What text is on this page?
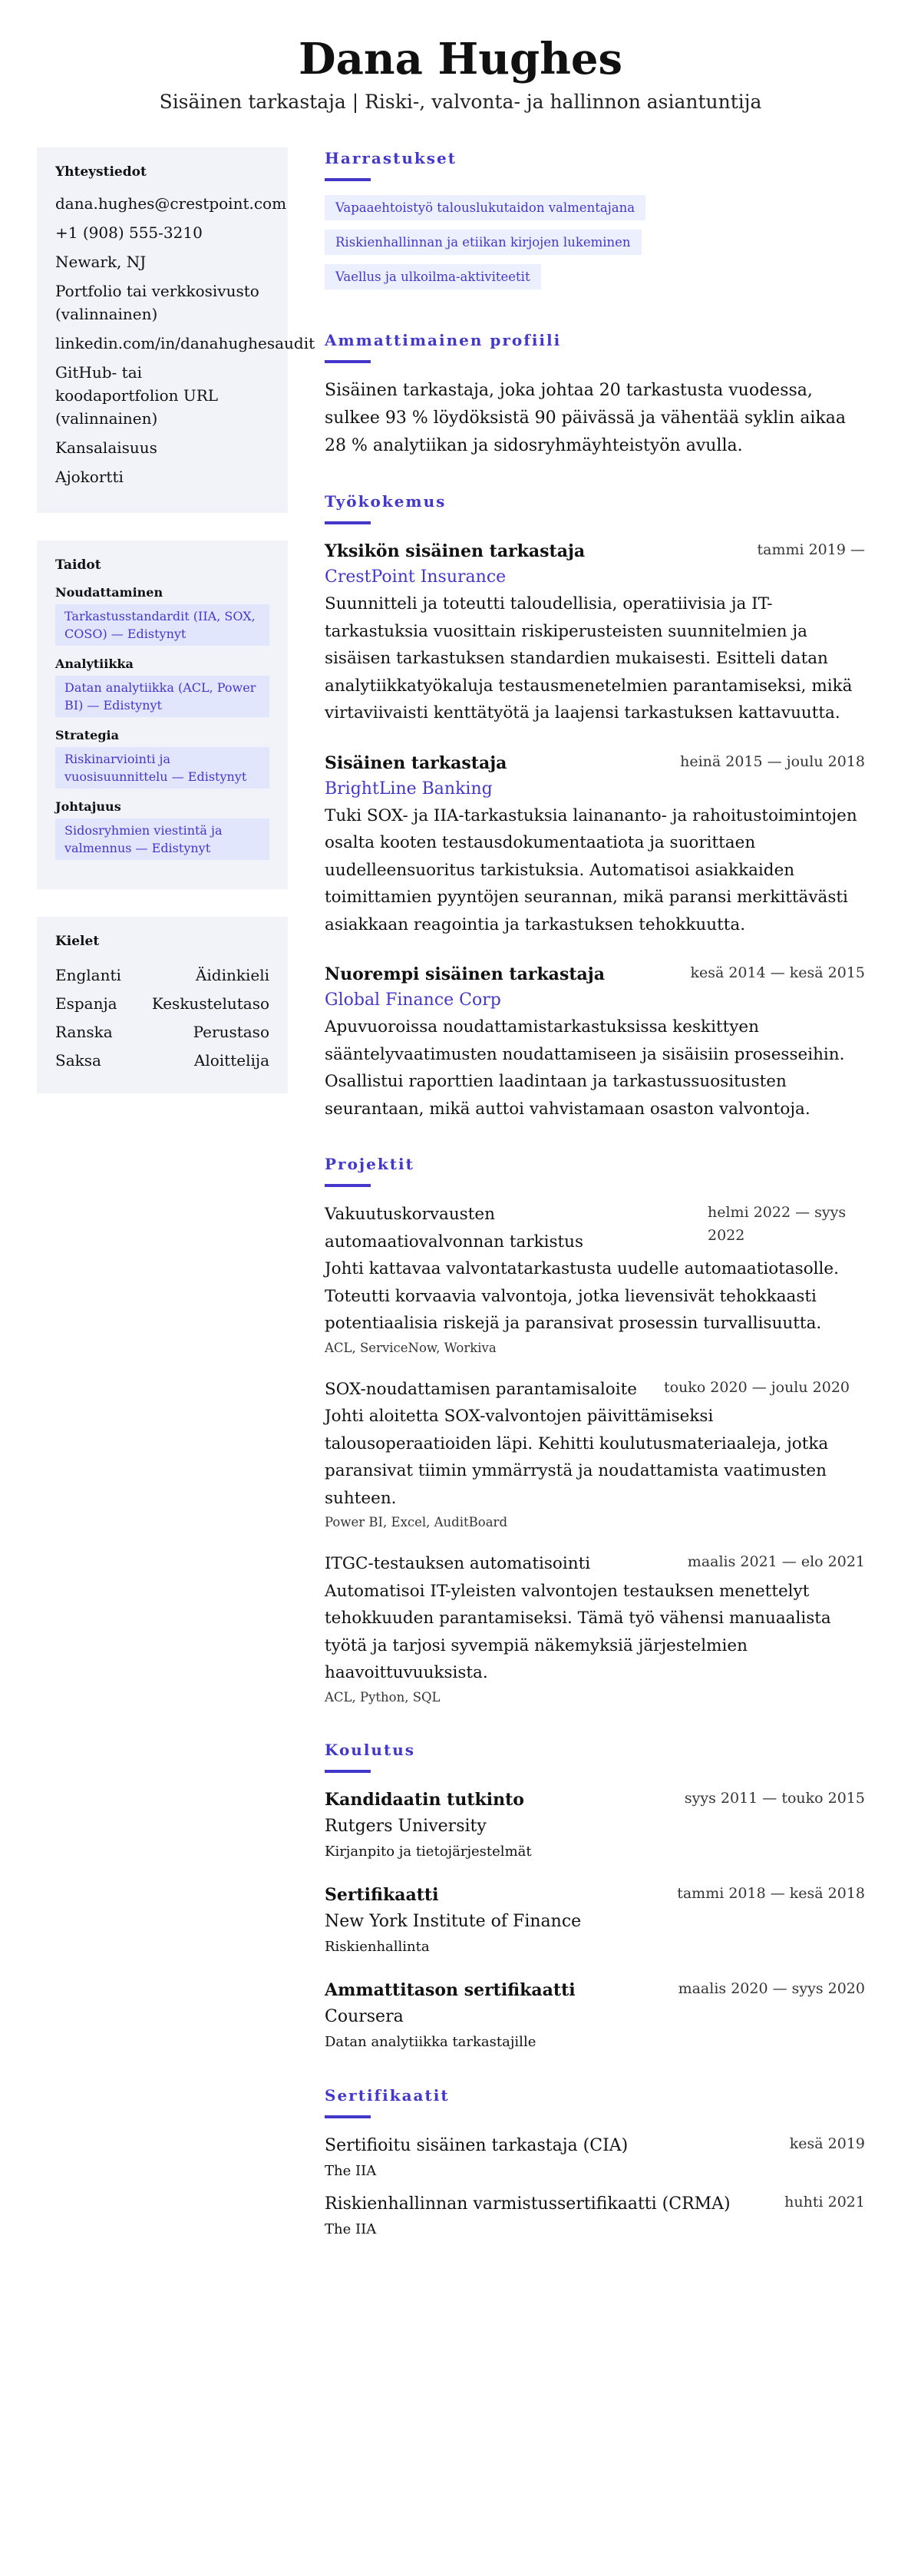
Dana Hughes
Sisäinen tarkastaja | Riski-, valvonta- ja hallinnon asiantuntija
Yhteystiedot
dana.hughes@crestpoint.com
+1 (908) 555-3210
Newark, NJ
Portfolio tai verkkosivusto (valinnainen)
linkedin.com/in/danahughesaudit
GitHub- tai koodaportfolion URL (valinnainen)
Kansalaisuus
Ajokortti
Taidot
Noudattaminen
Tarkastusstandardit (IIA, SOX, COSO) — Edistynyt
Analytiikka
Datan analytiikka (ACL, Power BI) — Edistynyt
Strategia
Riskinarviointi ja vuosisuunnittelu — Edistynyt
Johtajuus
Sidosryhmien viestintä ja valmennus — Edistynyt
Kielet
Englanti	Äidinkieli
Espanja Keskustelutaso
Ranska	Perustaso
Saksa	Aloittelija
Harrastukset
Vapaaehtoistyö talouslukutaidon valmentajana
Riskienhallinnan ja etiikan kirjojen lukeminen
Vaellus ja ulkoilma-aktiviteetit
Ammattimainen profiili

Sisäinen tarkastaja, joka johtaa 20 tarkastusta vuodessa, sulkee 93 % löydöksistä 90 päivässä ja vähentää syklin aikaa 28 % analytiikan ja sidosryhmäyhteistyön avulla.

Työkokemus
Yksikön sisäinen tarkastaja	tammi 2019 —
CrestPoint Insurance

Suunnitteli ja toteutti taloudellisia, operatiivisia ja IT-tarkastuksia vuosittain riskiperusteisten suunnitelmien ja sisäisen tarkastuksen standardien mukaisesti. Esitteli datan analytiikkatyökaluja testausmenetelmien parantamiseksi, mikä virtaviivaisti kenttätyötä ja laajensi tarkastuksen kattavuutta.

Sisäinen tarkastaja	heinä 2015 — joulu 2018
BrightLine Banking

Tuki SOX- ja IIA-tarkastuksia lainananto- ja rahoitustoimintojen osalta kooten testausdokumentaatiota ja suorittaen uudelleensuoritus tarkistuksia. Automatisoi asiakkaiden toimittamien pyyntöjen seurannan, mikä paransi merkittävästi asiakkaan reagointia ja tarkastuksen tehokkuutta.

Nuorempi sisäinen tarkastaja	kesä 2014 — kesä 2015
Global Finance Corp

Apuvuoroissa noudattamistarkastuksissa keskittyen sääntelyvaatimusten noudattamiseen ja sisäisiin prosesseihin. Osallistui raporttien laadintaan ja tarkastussuositusten seurantaan, mikä auttoi vahvistamaan osaston valvontoja.

Projektit
Vakuutuskorvausten automaatiovalvonnan tarkistus
helmi 2022 — syys 2022

Johti kattavaa valvontatarkastusta uudelle automaatiotasolle. Toteutti korvaavia valvontoja, jotka lievensivät tehokkaasti potentiaalisia riskejä ja paransivat prosessin turvallisuutta.

ACL, ServiceNow, Workiva
SOX-noudattamisen parantamisaloite touko 2020 — joulu 2020

Johti aloitetta SOX-valvontojen päivittämiseksi talousoperaatioiden läpi. Kehitti koulutusmateriaaleja, jotka paransivat tiimin ymmärrystä ja noudattamista vaatimusten suhteen.

Power BI, Excel, AuditBoard
ITGC-testauksen automatisointi	maalis 2021 — elo 2021

Automatisoi IT-yleisten valvontojen testauksen menettelyt tehokkuuden parantamiseksi. Tämä työ vähensi manuaalista työtä ja tarjosi syvempiä näkemyksiä järjestelmien haavoittuvuuksista.

ACL, Python, SQL
Koulutus
Kandidaatin tutkinto	syys 2011 — touko 2015
Rutgers University
Kirjanpito ja tietojärjestelmät
Sertifikaatti	tammi 2018 — kesä 2018
New York Institute of Finance
Riskienhallinta
Ammattitason sertifikaatti	maalis 2020 — syys 2020
Coursera
Datan analytiikka tarkastajille
Sertifikaatit
Sertifioitu sisäinen tarkastaja (CIA)	kesä 2019
The IIA
Riskienhallinnan varmistussertifikaatti (CRMA)	huhti 2021
The IIA
